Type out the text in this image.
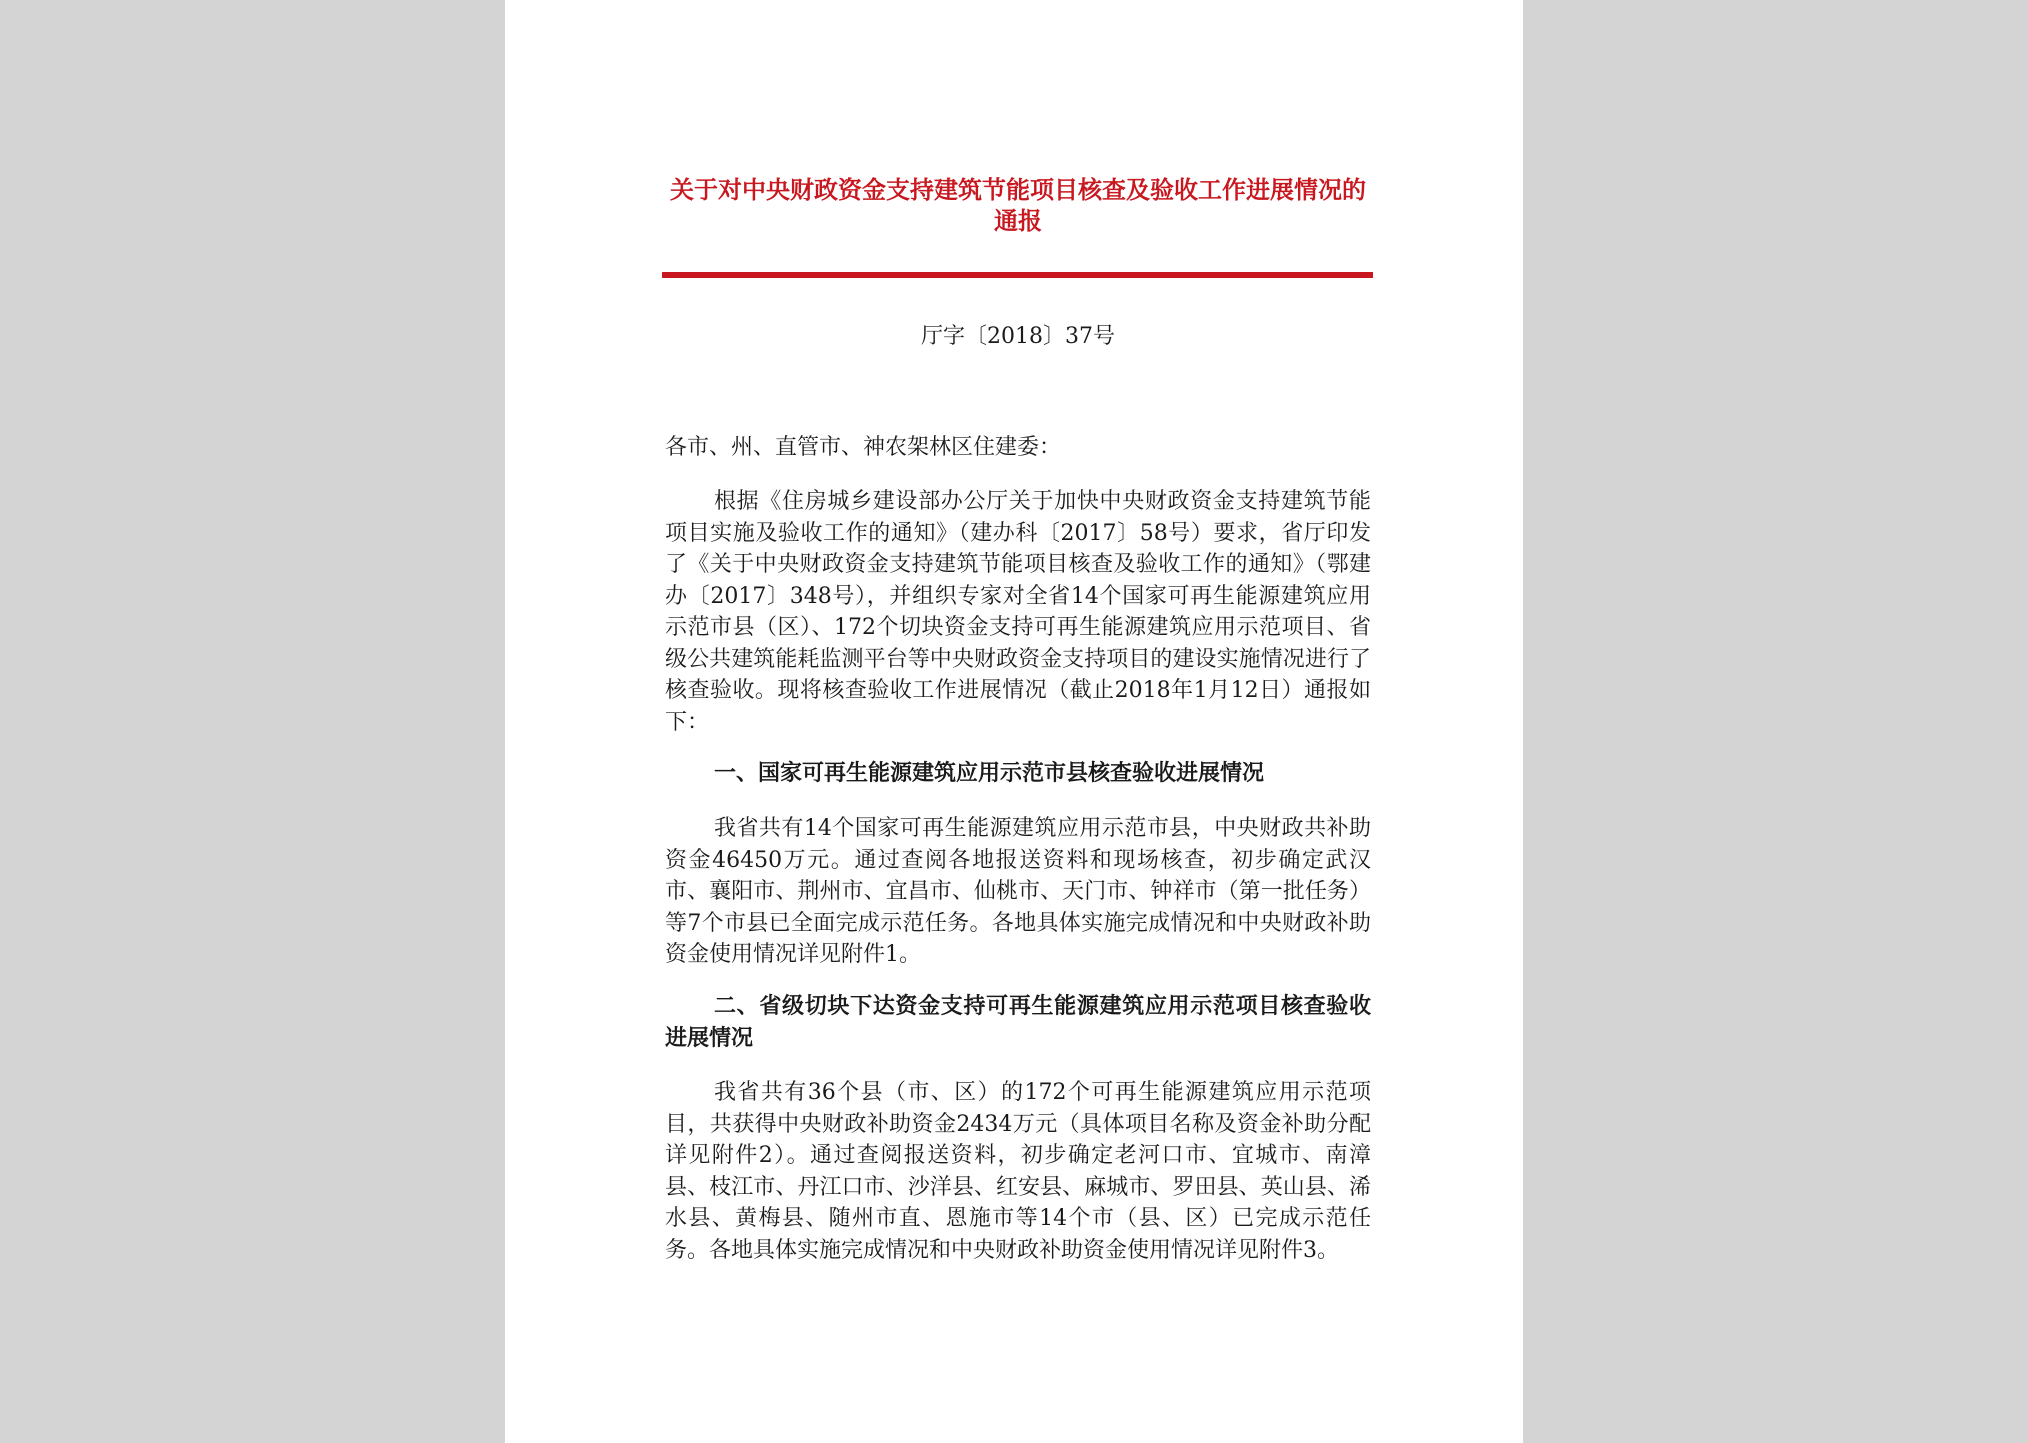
关于对中央财政资金支持建筑节能项目核查及验收工作进展情况的通报
厅字〔2018〕37号

各市、州、直管市、神农架林区住建委：

根据《住房城乡建设部办公厅关于加快中央财政资金支持建筑节能项目实施及验收工作的通知》（建办科〔2017〕58号）要求，省厅印发了《关于中央财政资金支持建筑节能项目核查及验收工作的通知》（鄂建办〔2017〕348号），并组织专家对全省14个国家可再生能源建筑应用示范市县（区）、172个切块资金支持可再生能源建筑应用示范项目、省级公共建筑能耗监测平台等中央财政资金支持项目的建设实施情况进行了核查验收。现将核查验收工作进展情况（截止2018年1月12日）通报如下：

一、国家可再生能源建筑应用示范市县核查验收进展情况

我省共有14个国家可再生能源建筑应用示范市县，中央财政共补助资金46450万元。通过查阅各地报送资料和现场核查，初步确定武汉市、襄阳市、荆州市、宜昌市、仙桃市、天门市、钟祥市（第一批任务）等7个市县已全面完成示范任务。各地具体实施完成情况和中央财政补助资金使用情况详见附件1。

二、省级切块下达资金支持可再生能源建筑应用示范项目核查验收进展情况

我省共有36个县（市、区）的172个可再生能源建筑应用示范项目，共获得中央财政补助资金2434万元（具体项目名称及资金补助分配详见附件2）。通过查阅报送资料，初步确定老河口市、宜城市、南漳县、枝江市、丹江口市、沙洋县、红安县、麻城市、罗田县、英山县、浠水县、黄梅县、随州市直、恩施市等14个市（县、区）已完成示范任务。各地具体实施完成情况和中央财政补助资金使用情况详见附件3。
